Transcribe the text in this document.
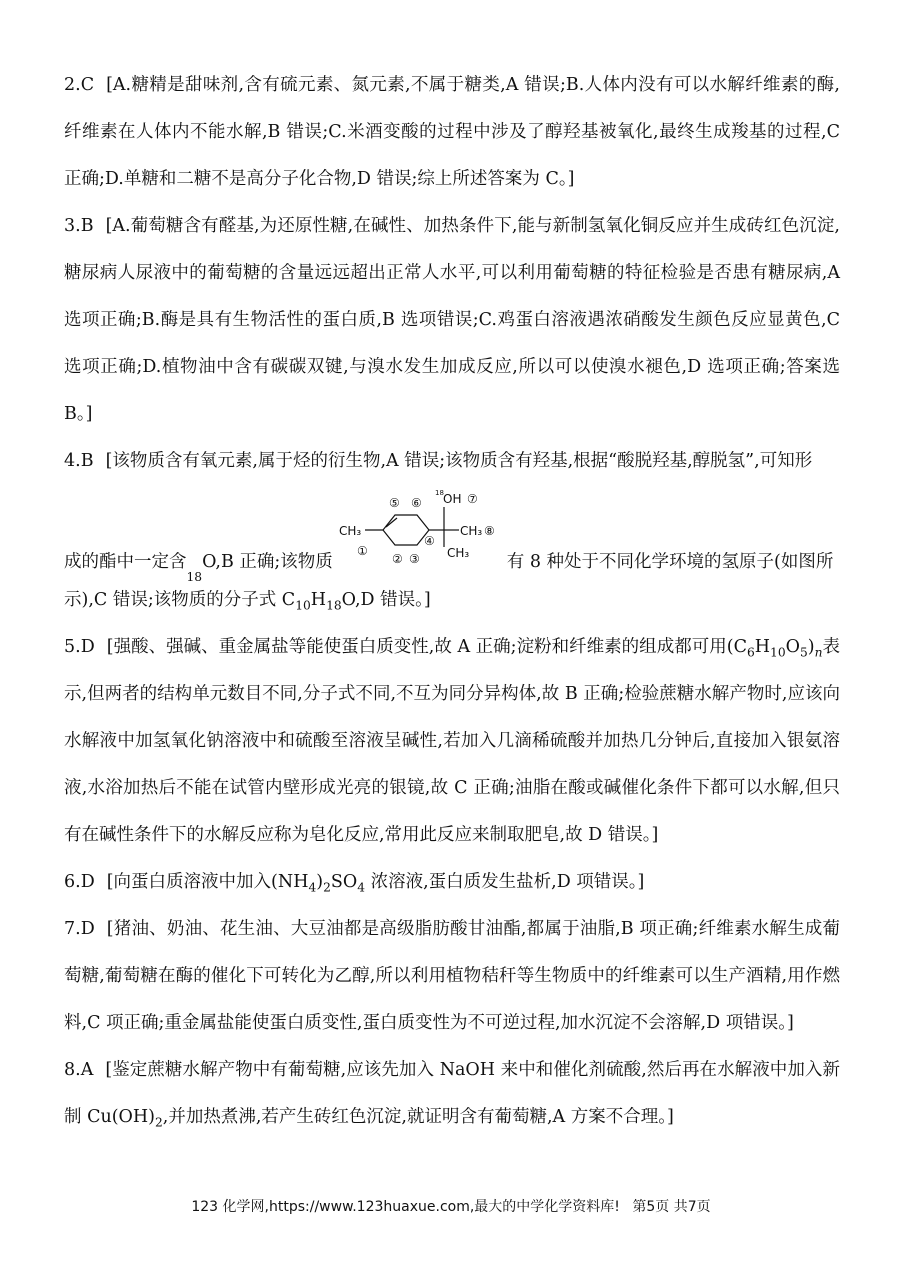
2.C [A.糖精是甜味剂,含有硫元素、氮元素,不属于糖类,A 错误;B.人体内没有可以水解纤维素的酶,纤维素在人体内不能水解,B 错误;C.米酒变酸的过程中涉及了醇羟基被氧化,最终生成羧基的过程,C 正确;D.单糖和二糖不是高分子化合物,D 错误;综上所述答案为 C。]

3.B [A.葡萄糖含有醛基,为还原性糖,在碱性、加热条件下,能与新制氢氧化铜反应并生成砖红色沉淀,糖尿病人尿液中的葡萄糖的含量远远超出正常人水平,可以利用葡萄糖的特征检验是否患有糖尿病,A 选项正确;B.酶是具有生物活性的蛋白质,B 选项错误;C.鸡蛋白溶液遇浓硝酸发生颜色反应显黄色,C 选项正确;D.植物油中含有碳碳双键,与溴水发生加成反应,所以可以使溴水褪色,D 选项正确;答案选 B。]

4.B [该物质含有氧元素,属于烃的衍生物,A 错误;该物质含有羟基,根据“酸脱羟基,醇脱氢”,可知形
成的酯中一定含
18
O,B 正确;该物质
CH₃
18 OH
CH₃
CH₃
①
② ③
④
⑤ ⑥	⑦
⑧
有 8 种处于不同化学环境的氢原子(如图所
示),C 错误;该物质的分子式 $C_{10}H_{18}O,D$ 错误。]

5.D [强酸、强碱、重金属盐等能使蛋白质变性,故 A 正确;淀粉和纤维素的组成都可用$(C_6H_{10}O_5)_n$表示,但两者的结构单元数目不同,分子式不同,不互为同分异构体,故 B 正确;检验蔗糖水解产物时,应该向水解液中加氢氧化钠溶液中和硫酸至溶液呈碱性,若加入几滴稀硫酸并加热几分钟后,直接加入银氨溶液,水浴加热后不能在试管内壁形成光亮的银镜,故 C 正确;油脂在酸或碱催化条件下都可以水解,但只有在碱性条件下的水解反应称为皂化反应,常用此反应来制取肥皂,故 D 错误。]

6.D [向蛋白质溶液中加入$(NH_4)_2SO_4$ 浓溶液,蛋白质发生盐析,D 项错误。]

7.D [猪油、奶油、花生油、大豆油都是高级脂肪酸甘油酯,都属于油脂,B 项正确;纤维素水解生成葡萄糖,葡萄糖在酶的催化下可转化为乙醇,所以利用植物秸秆等生物质中的纤维素可以生产酒精,用作燃料,C 项正确;重金属盐能使蛋白质变性,蛋白质变性为不可逆过程,加水沉淀不会溶解,D 项错误。]

8.A [鉴定蔗糖水解产物中有葡萄糖,应该先加入 NaOH 来中和催化剂硫酸,然后再在水解液中加入新制 $Cu(OH)_2$,并加热煮沸,若产生砖红色沉淀,就证明含有葡萄糖,A 方案不合理。]

123 化学网,https://www.123huaxue.com,最大的中学化学资料库! 第5页 共7页
